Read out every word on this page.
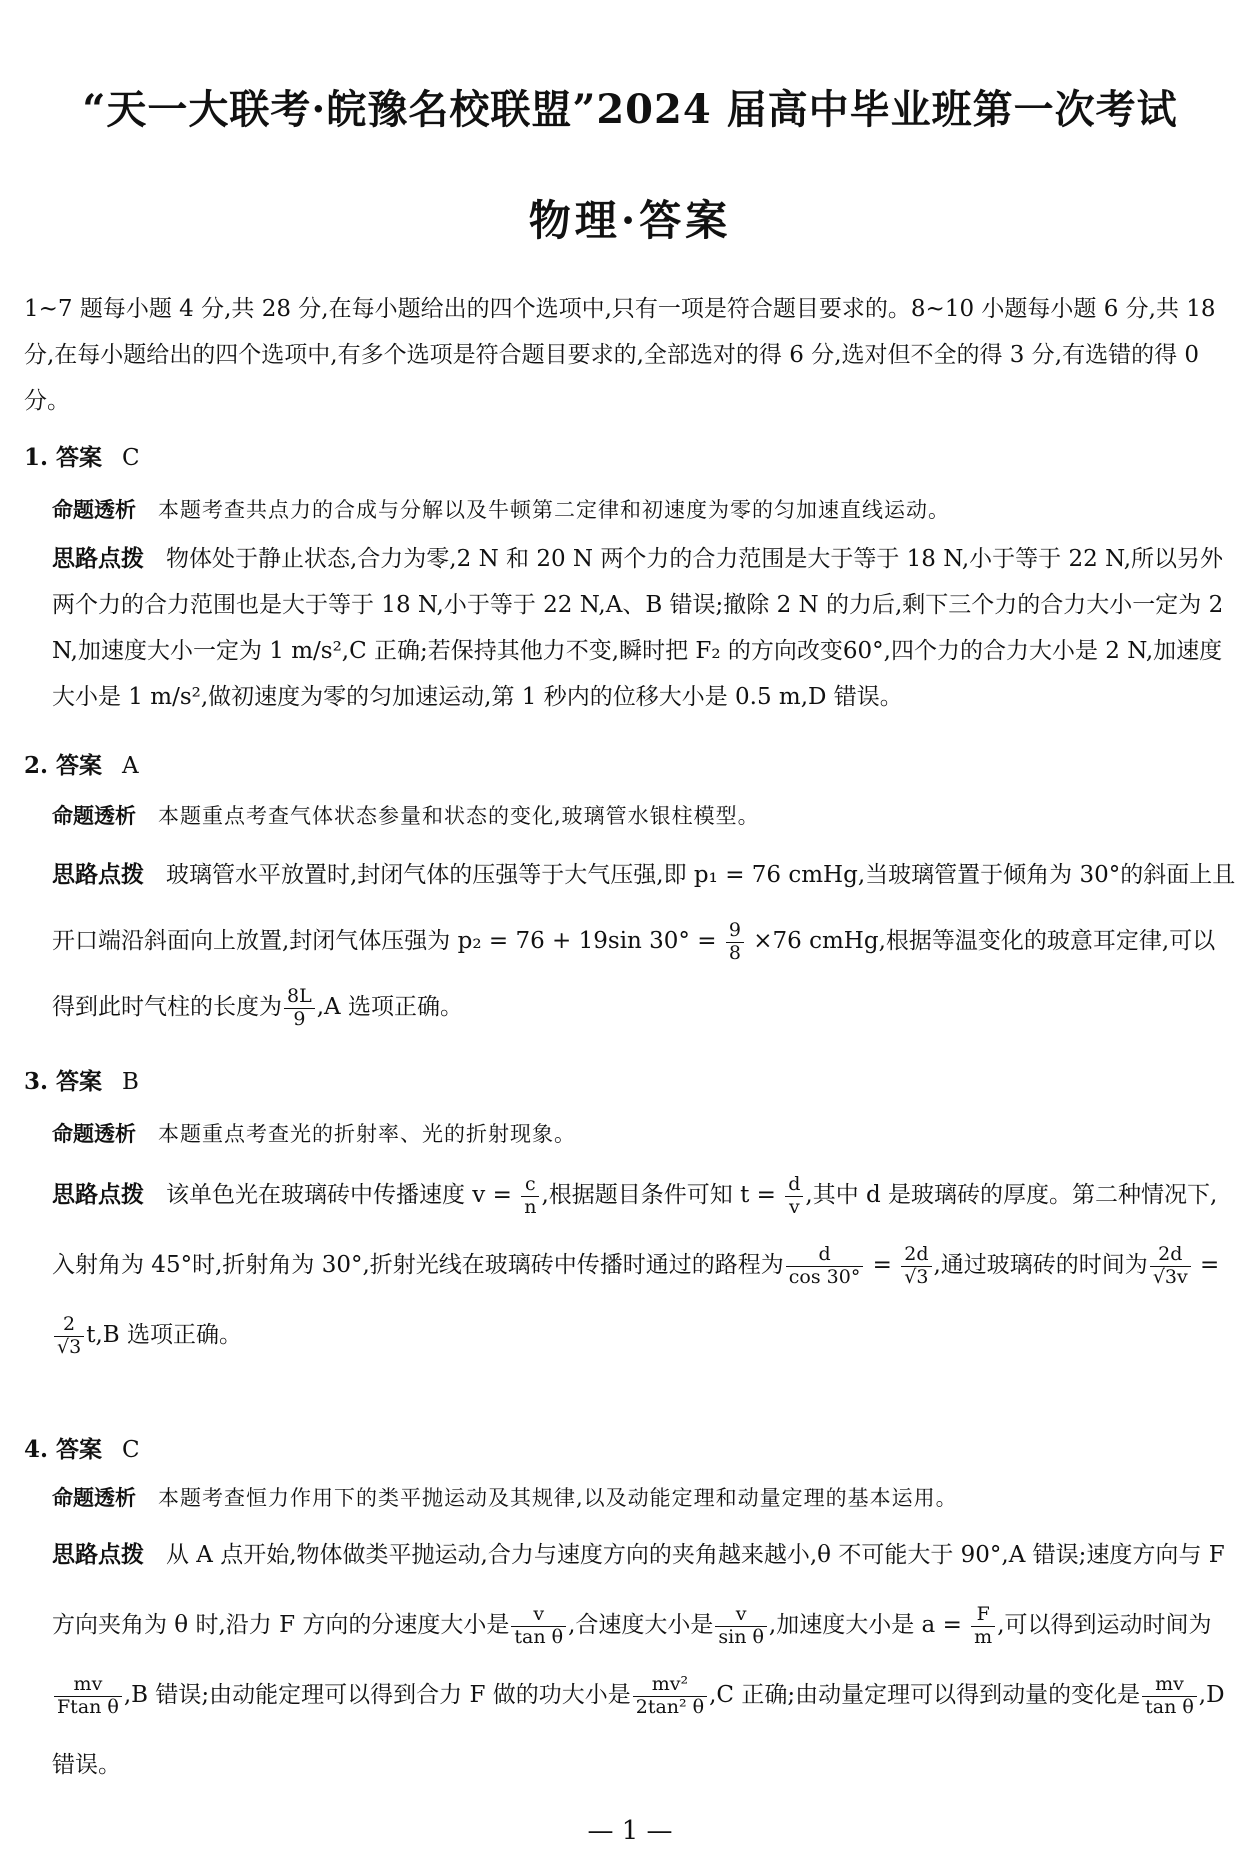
“天一大联考·皖豫名校联盟”2024 届高中毕业班第一次考试
物理·答案
1~7 题每小题 4 分,共 28 分,在每小题给出的四个选项中,只有一项是符合题目要求的。8~10 小题每小题 6 分,共 18 分,在每小题给出的四个选项中,有多个选项是符合题目要求的,全部选对的得 6 分,选对但不全的得 3 分,有选错的得 0 分。
1. 答案 C
命题透析 本题考查共点力的合成与分解以及牛顿第二定律和初速度为零的匀加速直线运动。
思路点拨 物体处于静止状态,合力为零,2 N 和 20 N 两个力的合力范围是大于等于 18 N,小于等于 22 N,所以另外两个力的合力范围也是大于等于 18 N,小于等于 22 N,A、B 错误;撤除 2 N 的力后,剩下三个力的合力大小一定为 2 N,加速度大小一定为 1 m/s²,C 正确;若保持其他力不变,瞬时把 F₂ 的方向改变60°,四个力的合力大小是 2 N,加速度大小是 1 m/s²,做初速度为零的匀加速运动,第 1 秒内的位移大小是 0.5 m,D 错误。
2. 答案 A
命题透析 本题重点考查气体状态参量和状态的变化,玻璃管水银柱模型。
思路点拨 玻璃管水平放置时,封闭气体的压强等于大气压强,即 p₁ = 76 cmHg,当玻璃管置于倾角为 30°的斜面上且开口端沿斜面向上放置,封闭气体压强为 p₂ = 76 + 19sin $30^\circ = \frac{9}{8} \times 76$ cmHg,根据等温变化的玻意耳定律,可以得到此时气柱的长度为 $\frac{8L}{9} ,A$ 选项正确。
3. 答案 B
命题透析 本题重点考查光的折射率、光的折射现象。
思路点拨 该单色光在玻璃砖中传播速度 $v = \frac{c}{n}$ ,根据题目条件可知 $t = \frac{d}{v}$ ,其中 d 是玻璃砖的厚度。第二种情况下,入射角为 45°时,折射角为 30°,折射光线在玻璃砖中传播时通过的路程为 $\frac{d}{\cos 30^\circ} = \frac{2d}{√3}$ ,通过玻璃砖的时间为 $\frac{2d}{√3v}$ =
$\frac{2}{√3} t,B$ 选项正确。
4. 答案 C
命题透析 本题考查恒力作用下的类平抛运动及其规律,以及动能定理和动量定理的基本运用。
思路点拨 从 A 点开始,物体做类平抛运动,合力与速度方向的夹角越来越小,θ 不可能大于 90°,A 错误;速度方向与 F 方向夹角为 θ 时,沿力 F 方向的分速度大小是 $\frac{v}{\text{tan θ}}$ ,合速度大小是 $\frac{v}{\text{sin θ}}$ ,加速度大小是 $a = \frac{F}{m}$ ,可以得到运动时间为
$\frac{mv}{\text{Ftan θ}} ,B$ 错误;由动能定理可以得到合力 F 做的功大小是 $\frac{\text{mv²}}{\text{2tan² θ}} ,C$ 正确;由动量定理可以得到动量的变化是 $\frac{mv}{\text{tan θ}} ,D$ 错误。
— 1 —
